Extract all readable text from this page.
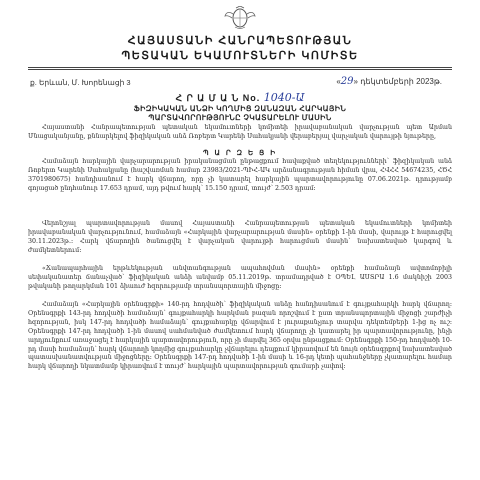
ՀԱՅԱՍՏԱՆԻ ՀԱՆՐԱՊԵՏՈՒԹՅԱՆ
ՊԵՏԱԿԱՆ ԵԿԱՄՈՒՏՆԵՐԻ ԿՈՄԻՏԵ
ք. Երևան, Մ. Խորենացի 3	«29» դեկտեմբերի 2023թ.
Հ Ր Ա Մ Ա Ն No. 1040-Ա
ՖԻԶԻԿԱԿԱՆ ԱՆՁԻ ԿՈՂՄԻՑ ԶԱՆԱԶԱՆ ՀԱՐԿԱՅԻՆ
ՊԱՐՏԱՎՈՐՈՒԹՅՈՒՆԸ ՉԿԱՏԱՐԵԼՈՒ ՄԱՍԻՆ
Հայաստանի Հանրապետության պետական եկամուտների կոմիտեի իրավաբանական վարչության պետ Արման Մնացականյանը, քննարկելով ֆիզիկական անձ Ռոբերտ Կարենի Սահակյանի վերաբերյալ վարչական վարույթի նյութերը,
Պ Ա Ր Զ Ե Ց Ի
Համաձայն հարկային վարչարարության իրականացման ընթացքում հավաքված տեղեկությունների՝ ֆիզիկական անձ Ռոբերտ Կարենի Սահակյանը (հաշվառման համար 23983/2021-ՊԻՀ-ԱԿ արձանագրության հիման վրա, ՀՎՀՀ 54674235, ՀԾՀ 3701980675) հանդիսանում է հարկ վճարող, որը չի կատարել հարկային պարտավորությունը 07.06.2021թ. դրությամբ գոյացած ընդհանուր 17.653 դրամ, այդ թվում հարկ՝ 15.150 դրամ, տույժ՝ 2.503 դրամ։
Վերոնշյալ պարտավորության մասով Հայաստանի Հանրապետության պետական եկամուտների կոմիտեի իրավաբանական վարչությունում, համաձայն «Հարկային վարչարարության մասին» օրենքի 1-ին մասի, վարույթ է հարուցվել 30.11.2023թ.։ Հարկ վճարողին ծանուցվել է վարչական վարույթի հարուցման մասին՝ նախատեսված կարգով և ժամկետներում։
«Ճանապարհային երթևեկության անվտանգության ապահովման մասին» օրենքի համաձայն ավտոմոբիլի սեփականատեր ճանաչված՝ ֆիզիկական անձի անվամբ 05.11.2019թ. տրամադրված է ՕՊԵԼ ԱՍՏՐԱ 1.6 մակնիշի 2003 թվականի թողարկման 101 ձիաուժ հզորությամբ տրանսպորտային միջոցը։
Համաձայն «Հարկային օրենսգրքի» 140-րդ հոդվածի՝ ֆիզիկական անձը հանդիսանում է գույքահարկի հարկ վճարող։ Օրենսգրքի 143-րդ հոդվածի համաձայն՝ գույքահարկի հարկման բազան որոշվում է ըստ տրանսպորտային միջոցի շարժիչի հզորության, իսկ 147-րդ հոդվածի համաձայն՝ գույքահարկը վճարվում է յուրաքանչյուր տարվա դեկտեմբերի 1-ից ոչ ուշ։ Օրենսգրքի 147-րդ հոդվածի 1-ին մասով սահմանված ժամկետում հարկ վճարողը չի կատարել իր պարտավորությունը, ինչի արդյունքում առաջացել է հարկային պարտավորություն, որը չի մարվել 365 օրվա ընթացքում։ Օրենսգրքի 150-րդ հոդվածի 10-րդ մասի համաձայն՝ հարկ վճարողի կողմից գույքահարկը չվճարելու դեպքում կիրառվում են նույն օրենսգրքով նախատեսված պատասխանատվության միջոցները։ Օրենսգրքի 147-րդ հոդվածի 1-ին մասի և 16-րդ կետի պահանջները չկատարելու համար հարկ վճարողի նկատմամբ կիրառվում է տույժ՝ հարկային պարտավորության գումարի չափով։
